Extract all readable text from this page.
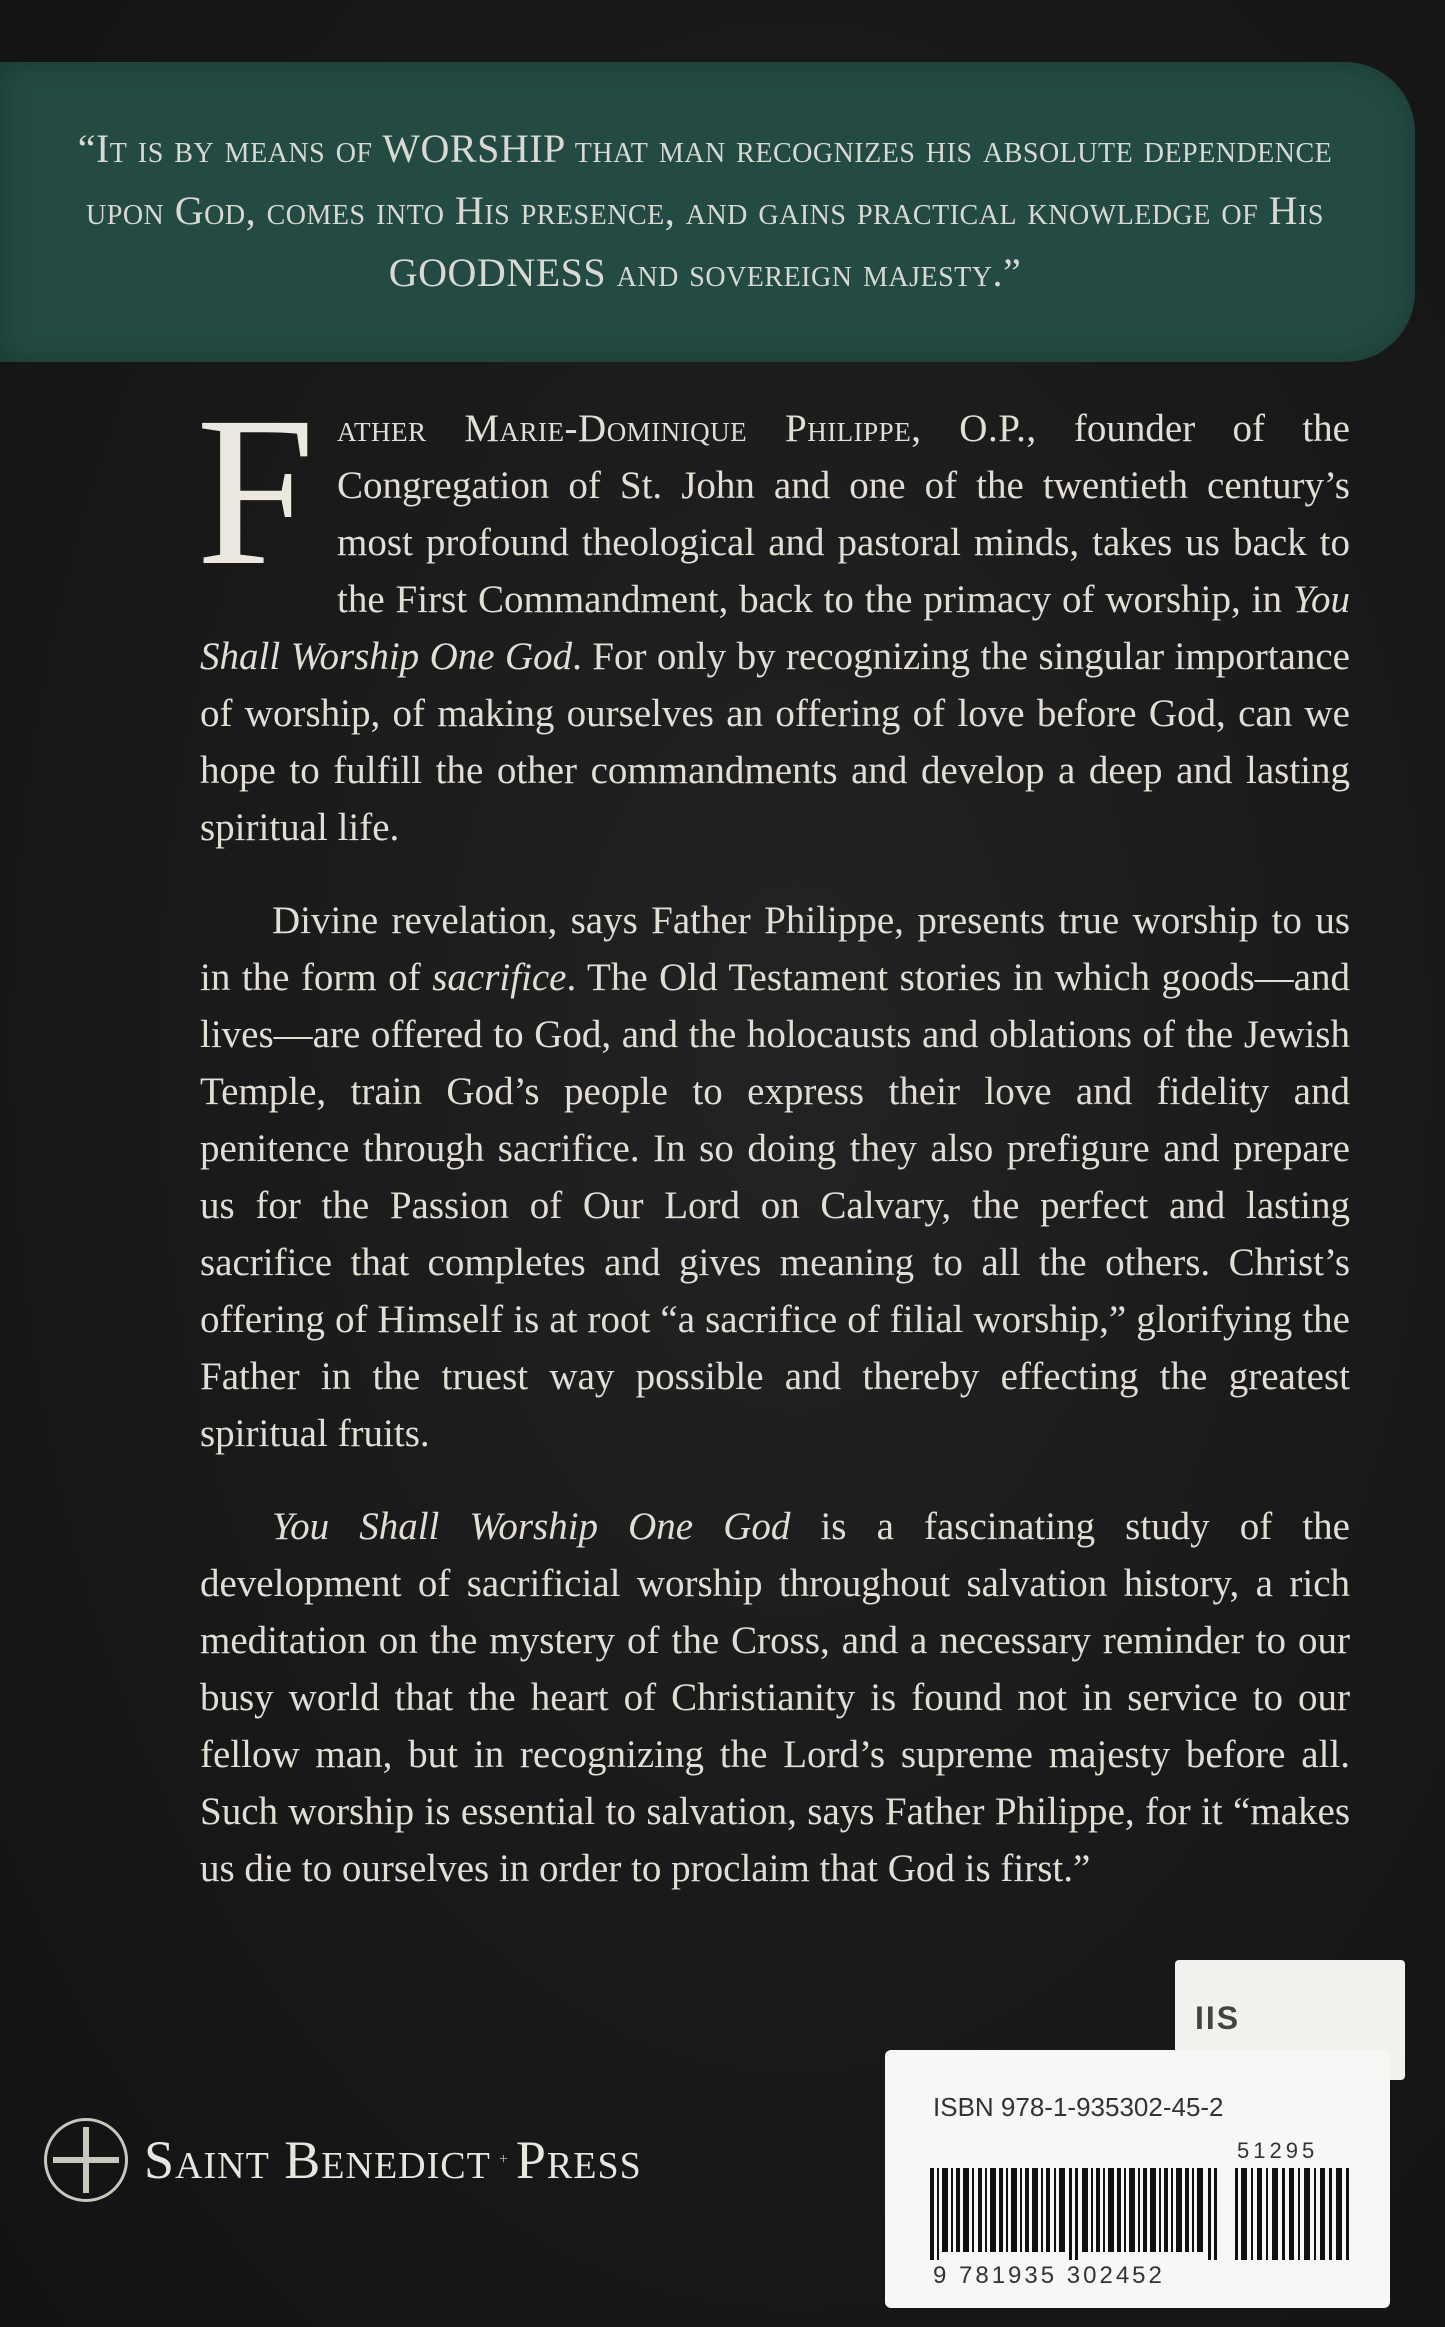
“It is by means of WORSHIP that man recognizes his absolute dependence upon God, comes into His presence, and gains practical knowledge of His GOODNESS and sovereign majesty.”
Father Marie-Dominique Philippe, O.P., founder of the Congregation of St. John and one of the twentieth century’s most profound theological and pastoral minds, takes us back to the First Commandment, back to the primacy of worship, in You Shall Worship One God. For only by recognizing the singular importance of worship, of making ourselves an offering of love before God, can we hope to fulfill the other commandments and develop a deep and lasting spiritual life.
Divine revelation, says Father Philippe, presents true worship to us in the form of sacrifice. The Old Testament stories in which goods—and lives—are offered to God, and the holocausts and oblations of the Jewish Temple, train God’s people to express their love and fidelity and penitence through sacrifice. In so doing they also prefigure and prepare us for the Passion of Our Lord on Calvary, the perfect and lasting sacrifice that completes and gives meaning to all the others. Christ’s offering of Himself is at root “a sacrifice of filial worship,” glorifying the Father in the truest way possible and thereby effecting the greatest spiritual fruits.
You Shall Worship One God is a fascinating study of the development of sacrificial worship throughout salvation history, a rich meditation on the mystery of the Cross, and a necessary reminder to our busy world that the heart of Christianity is found not in service to our fellow man, but in recognizing the Lord’s supreme majesty before all. Such worship is essential to salvation, says Father Philippe, for it “makes us die to ourselves in order to proclaim that God is first.”
Saint Benedict + Press
IIS
ISBN 978-1-935302-45-2
51295
9 781935 302452
